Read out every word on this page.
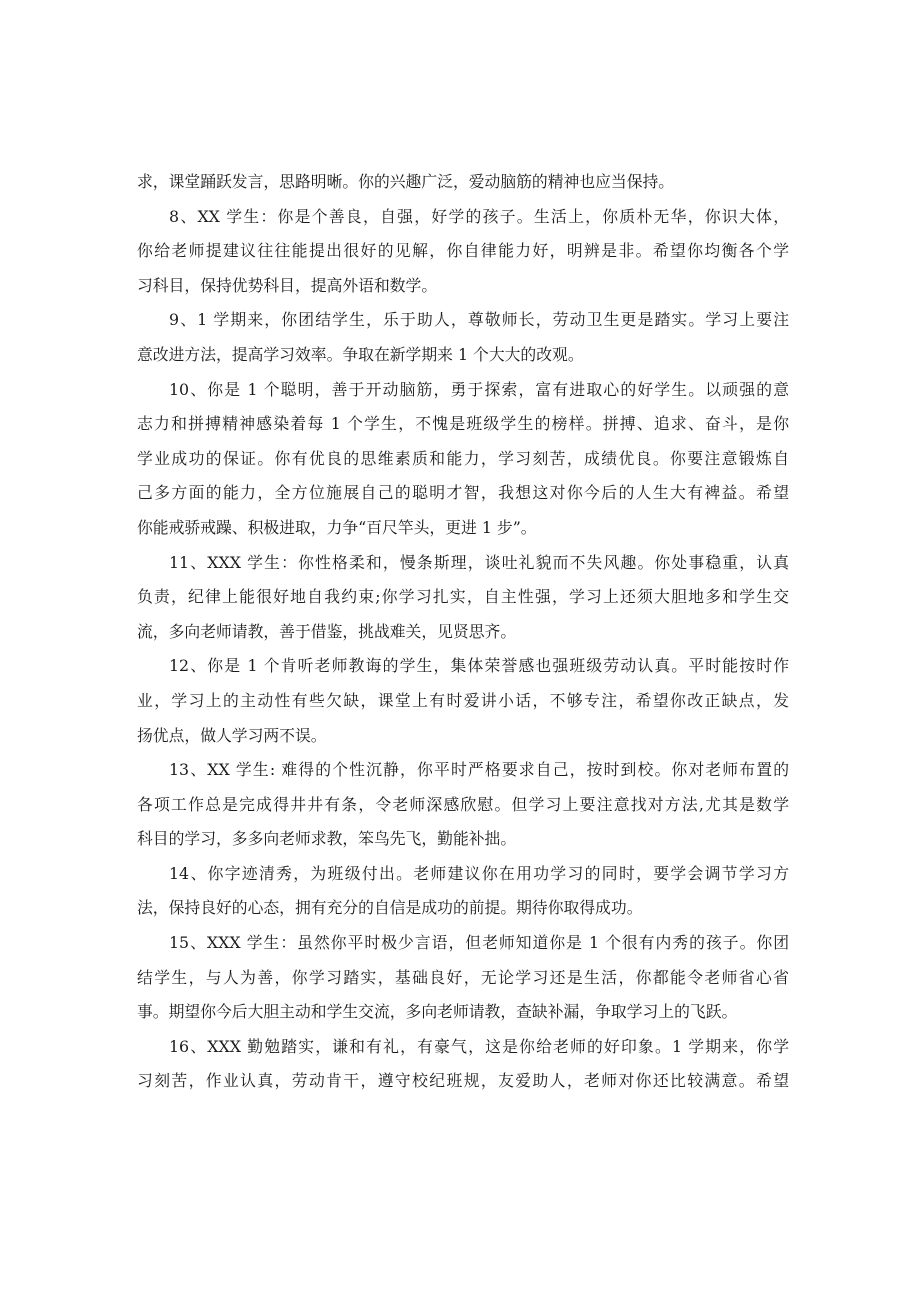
求，课堂踊跃发言，思路明晰。你的兴趣广泛，爱动脑筋的精神也应当保持。
8、XX 学生：你是个善良，自强，好学的孩子。生活上，你质朴无华，你识大体，
你给老师提建议往往能提出很好的见解，你自律能力好，明辨是非。希望你均衡各个学
习科目，保持优势科目，提高外语和数学。
9、1 学期来，你团结学生，乐于助人，尊敬师长，劳动卫生更是踏实。学习上要注
意改进方法，提高学习效率。争取在新学期来 1 个大大的改观。
10、你是 1 个聪明，善于开动脑筋，勇于探索，富有进取心的好学生。以顽强的意
志力和拼搏精神感染着每 1 个学生，不愧是班级学生的榜样。拼搏、追求、奋斗，是你
学业成功的保证。你有优良的思维素质和能力，学习刻苦，成绩优良。你要注意锻炼自
己多方面的能力，全方位施展自己的聪明才智，我想这对你今后的人生大有裨益。希望
你能戒骄戒躁、积极进取，力争“百尺竿头，更进 1 步”。
11、XXX 学生：你性格柔和，慢条斯理，谈吐礼貌而不失风趣。你处事稳重，认真
负责，纪律上能很好地自我约束;你学习扎实，自主性强，学习上还须大胆地多和学生交
流，多向老师请教，善于借鉴，挑战难关，见贤思齐。
12、你是 1 个肯听老师教诲的学生，集体荣誉感也强班级劳动认真。平时能按时作
业，学习上的主动性有些欠缺，课堂上有时爱讲小话，不够专注，希望你改正缺点，发
扬优点，做人学习两不误。
13、XX 学生: 难得的个性沉静，你平时严格要求自己，按时到校。你对老师布置的
各项工作总是完成得井井有条，令老师深感欣慰。但学习上要注意找对方法,尤其是数学
科目的学习，多多向老师求教，笨鸟先飞，勤能补拙。
14、你字迹清秀，为班级付出。老师建议你在用功学习的同时，要学会调节学习方
法，保持良好的心态，拥有充分的自信是成功的前提。期待你取得成功。
15、XXX 学生：虽然你平时极少言语，但老师知道你是 1 个很有内秀的孩子。你团
结学生，与人为善，你学习踏实，基础良好，无论学习还是生活，你都能令老师省心省
事。期望你今后大胆主动和学生交流，多向老师请教，查缺补漏，争取学习上的飞跃。
16、XXX 勤勉踏实，谦和有礼，有豪气，这是你给老师的好印象。1 学期来，你学
习刻苦，作业认真，劳动肯干，遵守校纪班规，友爱助人，老师对你还比较满意。希望
